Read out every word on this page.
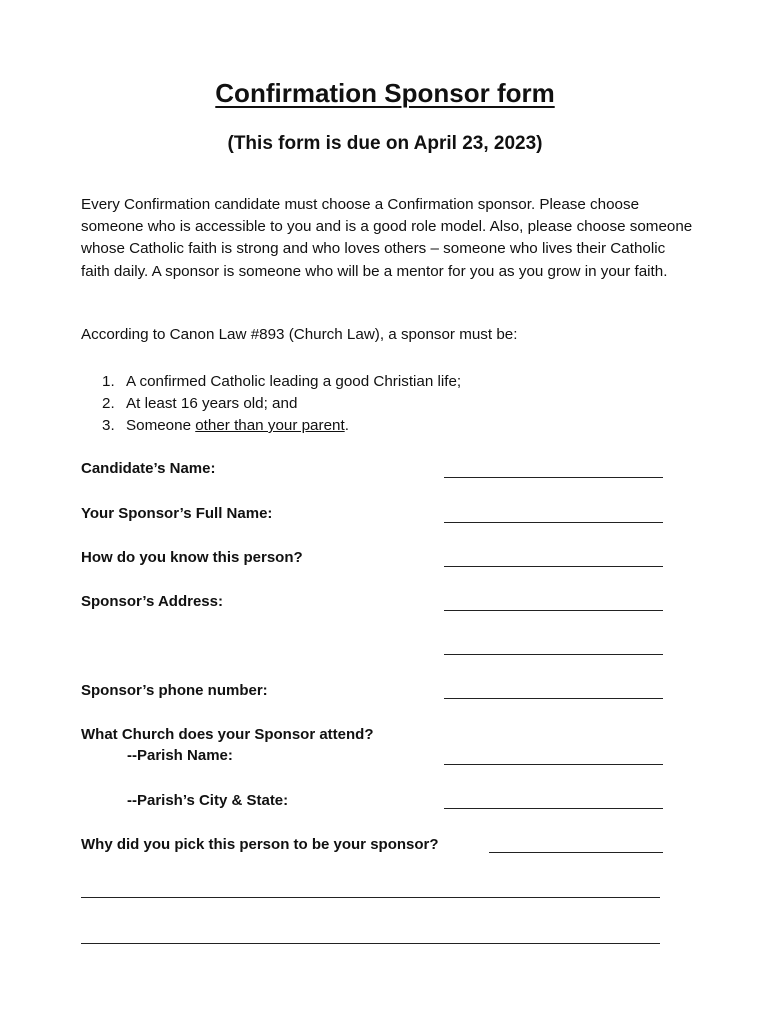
Confirmation Sponsor form
(This form is due on April 23, 2023)

Every Confirmation candidate must choose a Confirmation sponsor. Please choose someone who is accessible to you and is a good role model. Also, please choose someone whose Catholic faith is strong and who loves others – someone who lives their Catholic faith daily. A sponsor is someone who will be a mentor for you as you grow in your faith.

According to Canon Law #893 (Church Law), a sponsor must be:

1. A confirmed Catholic leading a good Christian life;
2. At least 16 years old; and
3. Someone other than your parent.
Candidate’s Name:
Your Sponsor’s Full Name:
How do you know this person?
Sponsor’s Address:
Sponsor’s phone number:
What Church does your Sponsor attend?
--Parish Name:
--Parish’s City & State:
Why did you pick this person to be your sponsor?
